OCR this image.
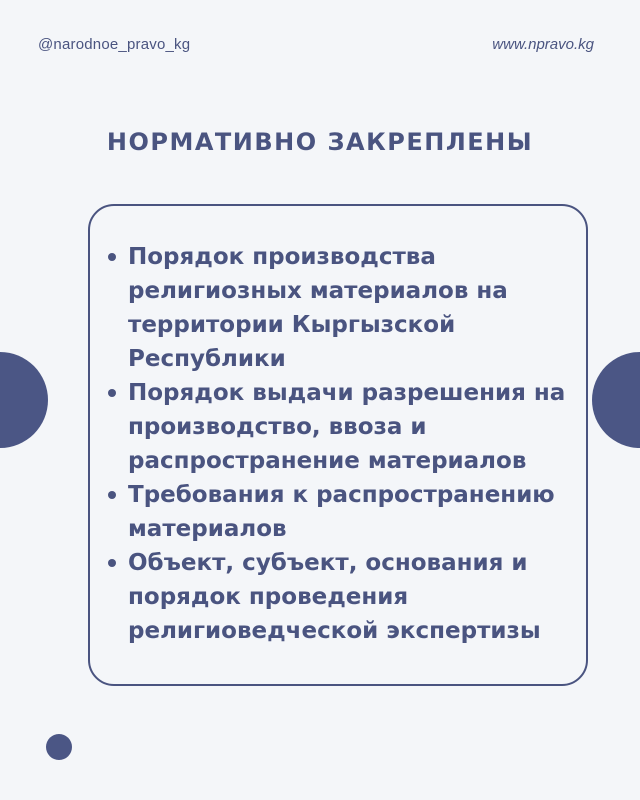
@narodnoe_pravo_kg	www.npravo.kg
НОРМАТИВНО ЗАКРЕПЛЕНЫ
Порядок производства религиозных материалов на территории Кыргызской Республики
Порядок выдачи разрешения на производство, ввоза и распространение материалов
Требования к распространению материалов
Объект, субъект, основания и порядок проведения религиоведческой экспертизы
